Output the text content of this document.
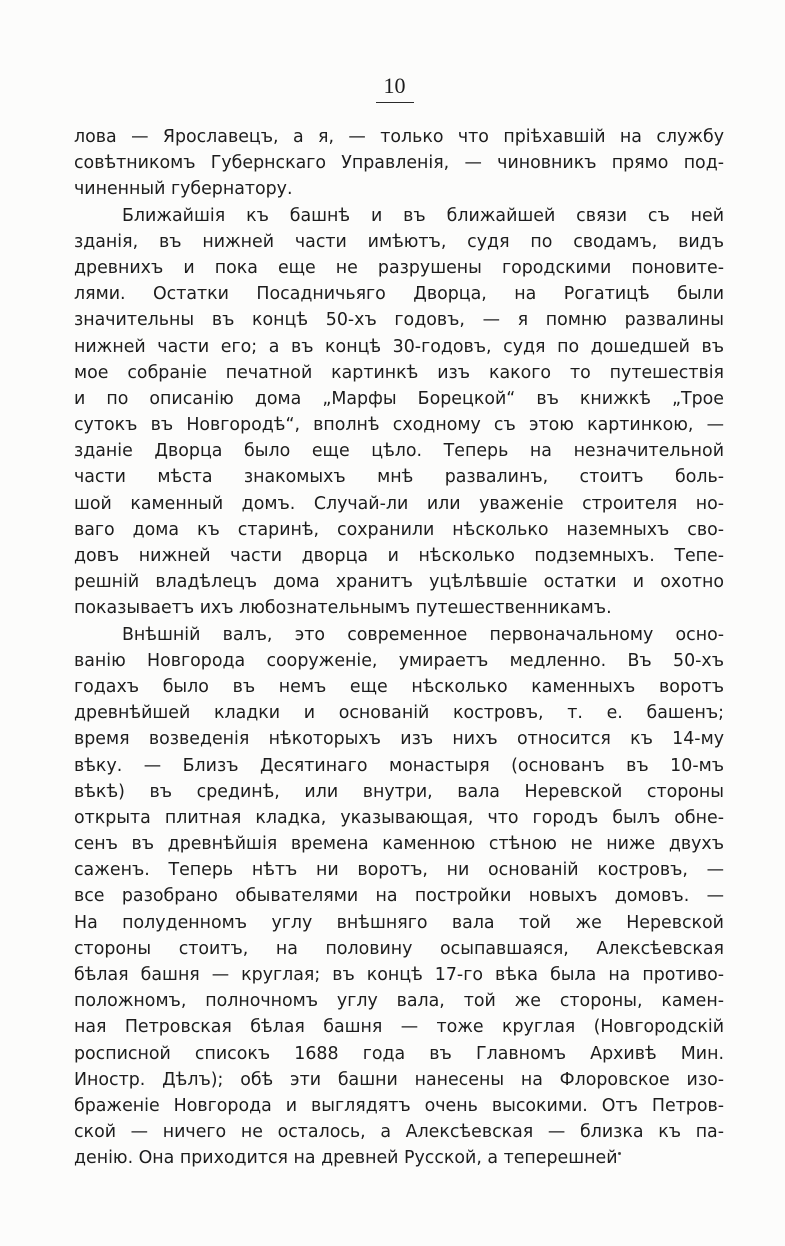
10
лова — Ярославецъ, а я, — только что пріѣхавшій на службу
совѣтникомъ Губернскаго Управленія, — чиновникъ прямо под-
чиненный губернатору.
Ближайшія къ башнѣ и въ ближайшей связи съ ней
зданія, въ нижней части имѣютъ, судя по сводамъ, видъ
древнихъ и пока еще не разрушены городскими поновите-
лями. Остатки Посадничьяго Дворца, на Рогатицѣ были
значительны въ концѣ 50-хъ годовъ, — я помню развалины
нижней части его; а въ концѣ 30-годовъ, судя по дошедшей въ
мое собраніе печатной картинкѣ изъ какого то путешествія
и по описанію дома „Марфы Борецкой“ въ книжкѣ „Трое
сутокъ въ Новгородѣ“, вполнѣ сходному съ этою картинкою, —
зданіе Дворца было еще цѣло. Теперь на незначительной
части мѣста знакомыхъ мнѣ развалинъ, стоитъ боль-
шой каменный домъ. Случай-ли или уваженіе строителя но-
ваго дома къ старинѣ, сохранили нѣсколько наземныхъ сво-
довъ нижней части дворца и нѣсколько подземныхъ. Тепе-
решній владѣлецъ дома хранитъ уцѣлѣвшіе остатки и охотно
показываетъ ихъ любознательнымъ путешественникамъ.
Внѣшній валъ, это современное первоначальному осно-
ванію Новгорода сооруженіе, умираетъ медленно. Въ 50-хъ
годахъ было въ немъ еще нѣсколько каменныхъ воротъ
древнѣйшей кладки и основаній костровъ, т. е. башенъ;
время возведенія нѣкоторыхъ изъ нихъ относится къ 14-му
вѣку. — Близъ Десятинаго монастыря (основанъ въ 10-мъ
вѣкѣ) въ срединѣ, или внутри, вала Неревской стороны
открыта плитная кладка, указывающая, что городъ былъ обне-
сенъ въ древнѣйшія времена каменною стѣною не ниже двухъ
саженъ. Теперь нѣтъ ни воротъ, ни основаній костровъ, —
все разобрано обывателями на постройки новыхъ домовъ. —
На полуденномъ углу внѣшняго вала той же Неревской
стороны стоитъ, на половину осыпавшаяся, Алексѣевская
бѣлая башня — круглая; въ концѣ 17-го вѣка была на противо-
положномъ, полночномъ углу вала, той же стороны, камен-
ная Петровская бѣлая башня — тоже круглая (Новгородскій
росписной списокъ 1688 года въ Главномъ Архивѣ Мин.
Иностр. Дѣлъ); обѣ эти башни нанесены на Флоровское изо-
браженіе Новгорода и выглядятъ очень высокими. Отъ Петров-
ской — ничего не осталось, а Алексѣевская — близка къ па-
денію. Она приходится на древней Русской, а теперешней
